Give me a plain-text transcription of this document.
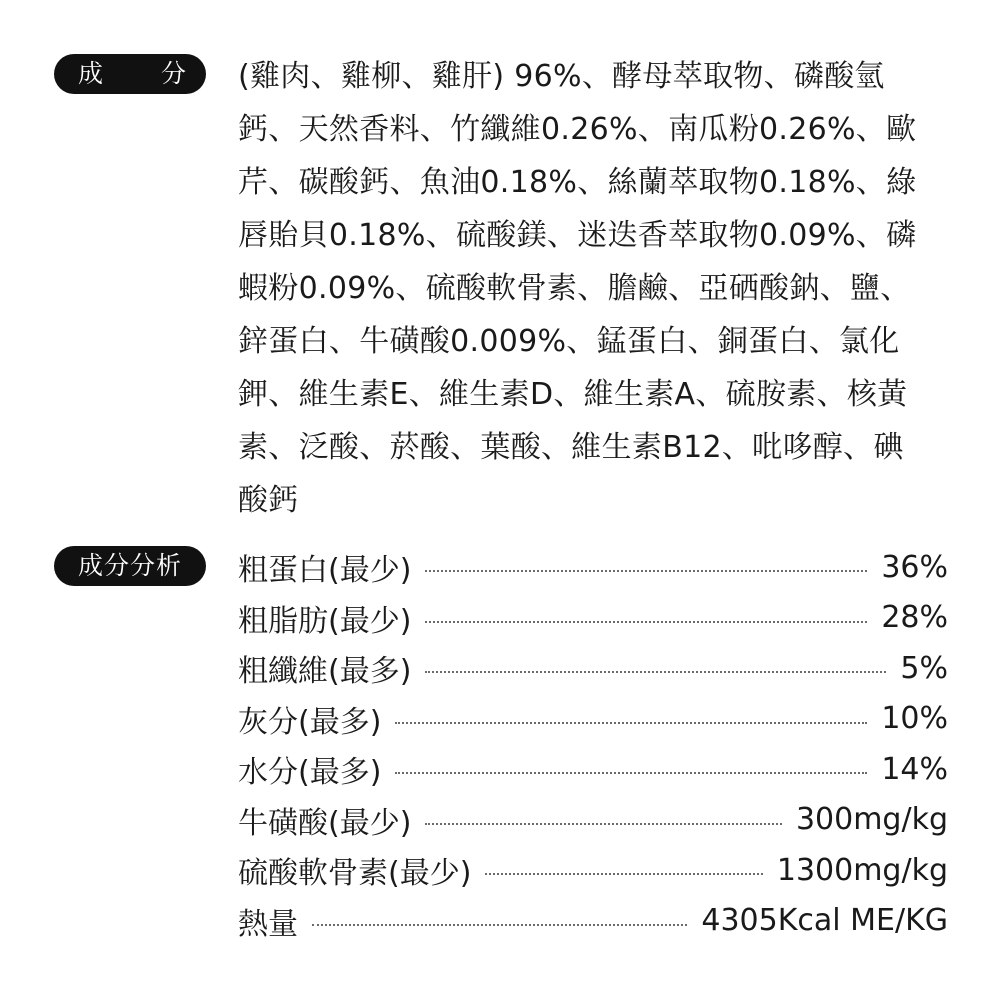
成 分 (雞肉、雞柳、雞肝) 96%、酵母萃取物、磷酸氫
鈣、天然香料、竹纖維0.26%、南瓜粉0.26%、歐
芹、碳酸鈣、魚油0.18%、絲蘭萃取物0.18%、綠
唇貽貝0.18%、硫酸鎂、迷迭香萃取物0.09%、磷
蝦粉0.09%、硫酸軟骨素、膽鹼、亞硒酸鈉、鹽、
鋅蛋白、牛磺酸0.009%、錳蛋白、銅蛋白、氯化
鉀、維生素E、維生素D、維生素A、硫胺素、核黃
素、泛酸、菸酸、葉酸、維生素B12、吡哆醇、碘
酸鈣
成分分析	粗蛋白(最少)	36%
粗脂肪(最少)	28%
粗纖維(最多)	5%
灰分(最多)	10%
水分(最多)	14%
牛磺酸(最少)	300mg/kg
硫酸軟骨素(最少)	1300mg/kg
熱量	4305Kcal ME/KG
